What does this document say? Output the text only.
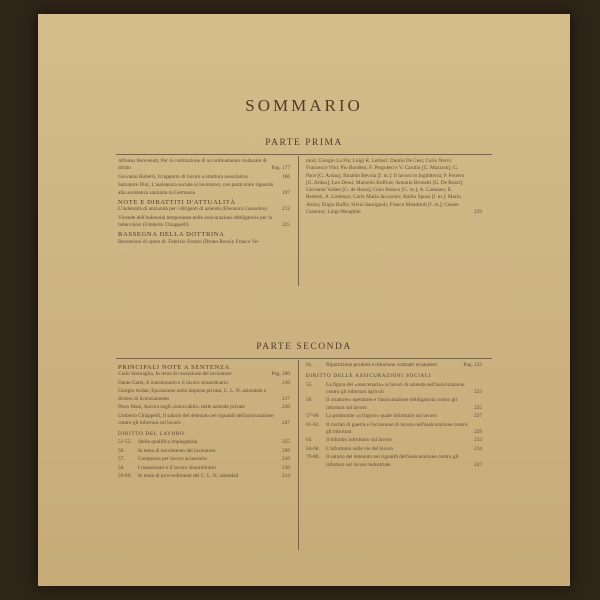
SOMMARIO
PARTE PRIMA

Alfonso Benvenuti, Per la costituzione di un ordinamento sindacale di diritto	Pag. 177

Giovanni Roberti, Il rapporto di lavoro a struttura associativa	186

Salvatore Dini, L'assistenza sociale ai lavoratori, con particolare riguardo alla assistenza sanitaria in Germania	197

NOTE E DIBATTITI D'ATTUALITÀ

L'indennità di anzianità per i dirigenti di azienda (Eleonora Cassarino)	212

Vicende dell'indennità temporanea nelle assicurazioni obbligatorie per la tubercolosi (Umberto Chiappelli)	225

RASSEGNA DELLA DOTTRINA

Recensioni di opere di: Fabrizio Ferrari (Bruno Rossi); Franco Ve-

moli; Giorgio La Pia; Luigi R. Lettieri; Danilo De Cesi; Carlo Nervi; Francesco Vito; Pio Bondesi; F. Pergolesi e V. Carullo [G. Mazzoni]; G. Pace [G. Ardau]; Rinaldo Bevola [f. m.]: Il lavoro in Inghilterra; P. Ferrero [G. Ardau]; Leo Dessì; Marcello Buffoni; Antonio Brunetti [G. De Rossi]; Giovanni Valdes [G. de Rossi]; Gino Bianco [G. m.]; A. Cassiano; E. Redenti, A. Lottenzo; Carlo Maria Jaccarino; Attilio Sposa [f. m.]; Mario Aloisi; Eligio Ruffo; Silvio Sassignoli; Franco Mandrioli [f. m.]; Cesare Giannini; Luigi Menghini	229

PARTE SECONDA

PRINCIPALI NOTE A SENTENZA

Carlo Smuraglia, In tema di cessazione del lavoratore	Pag. 200

Dante Gatta, Il mansionario e il lavoro straordinario	210

Giorgio Ardau, Epurazione nella impresa privata, C. L. N. aziendale e divieto di licenziamento	217

Piero Masi, Ancora sugli «intoccabili» nelle aziende private	220

Umberto Chiappelli, Il salario del detenuto nei riguardi dell'assicurazione contro gli infortuni sul lavoro	247

DIRITTO DEL LAVORO

51-55.	Stella qualifica impiegatizia	255

56.	In tema di movimento del lavoratore	209

57.	Compenso per lavoro accessorio	210

58.	I mansionari e il lavoro straordinario	210

59-60.	In tema di provvedimenti del C. L. N. aziendali	214

61.	Ripartizione prodotti e riduzione contratti ecuandem	Pag. 222

DIRITTO DELLE ASSICURAZIONI SOCIALI

55.	La figura dei «mercenario» ai lavori di azienda nell'assicurazione contro gli infortuni agricoli	223

56.	Il «trattore» operatore e l'assicurazione obbligatoria contro gli infortuni sul lavoro	225

57-60.	La polmonite «a frigore» quale infortunio sul lavoro	227

61-62.	Il rischio di guerra e l'occasione di lavoro nell'assicurazione contro gli infortuni	229

63.	Il bilimbo infortunio sul lavoro	232

64-68.	L'infortunio sulle vie del lavoro	234

79-80.	Il salario del detenuto nei riguardi dell'assicurazione contro gli infortuni sul lavoro industriale	247
